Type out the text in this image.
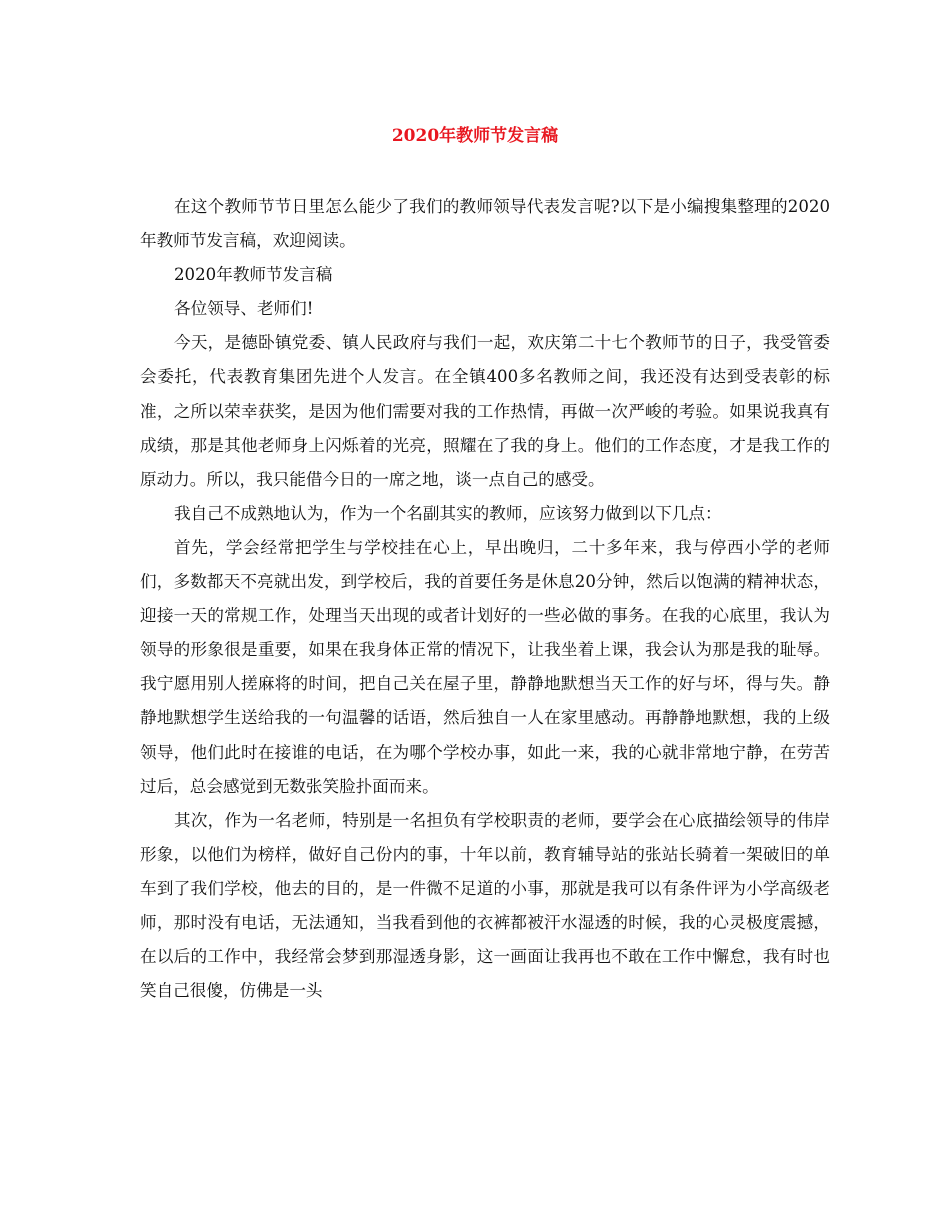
2020年教师节发言稿

在这个教师节节日里怎么能少了我们的教师领导代表发言呢?以下是小编搜集整理的2020年教师节发言稿，欢迎阅读。

2020年教师节发言稿

各位领导、老师们!

今天，是德卧镇党委、镇人民政府与我们一起，欢庆第二十七个教师节的日子，我受管委会委托，代表教育集团先进个人发言。在全镇400多名教师之间，我还没有达到受表彰的标准，之所以荣幸获奖，是因为他们需要对我的工作热情，再做一次严峻的考验。如果说我真有成绩，那是其他老师身上闪烁着的光亮，照耀在了我的身上。他们的工作态度，才是我工作的原动力。所以，我只能借今日的一席之地，谈一点自己的感受。

我自己不成熟地认为，作为一个名副其实的教师，应该努力做到以下几点：

首先，学会经常把学生与学校挂在心上，早出晚归，二十多年来，我与停西小学的老师们，多数都天不亮就出发，到学校后，我的首要任务是休息20分钟，然后以饱满的精神状态，迎接一天的常规工作，处理当天出现的或者计划好的一些必做的事务。在我的心底里，我认为领导的形象很是重要，如果在我身体正常的情况下，让我坐着上课，我会认为那是我的耻辱。我宁愿用别人搓麻将的时间，把自己关在屋子里，静静地默想当天工作的好与坏，得与失。静静地默想学生送给我的一句温馨的话语，然后独自一人在家里感动。再静静地默想，我的上级领导，他们此时在接谁的电话，在为哪个学校办事，如此一来，我的心就非常地宁静，在劳苦过后，总会感觉到无数张笑脸扑面而来。

其次，作为一名老师，特别是一名担负有学校职责的老师，要学会在心底描绘领导的伟岸形象，以他们为榜样，做好自己份内的事，十年以前，教育辅导站的张站长骑着一架破旧的单车到了我们学校，他去的目的，是一件微不足道的小事，那就是我可以有条件评为小学高级老师，那时没有电话，无法通知，当我看到他的衣裤都被汗水湿透的时候，我的心灵极度震撼，在以后的工作中，我经常会梦到那湿透身影，这一画面让我再也不敢在工作中懈怠，我有时也笑自己很傻，仿佛是一头
